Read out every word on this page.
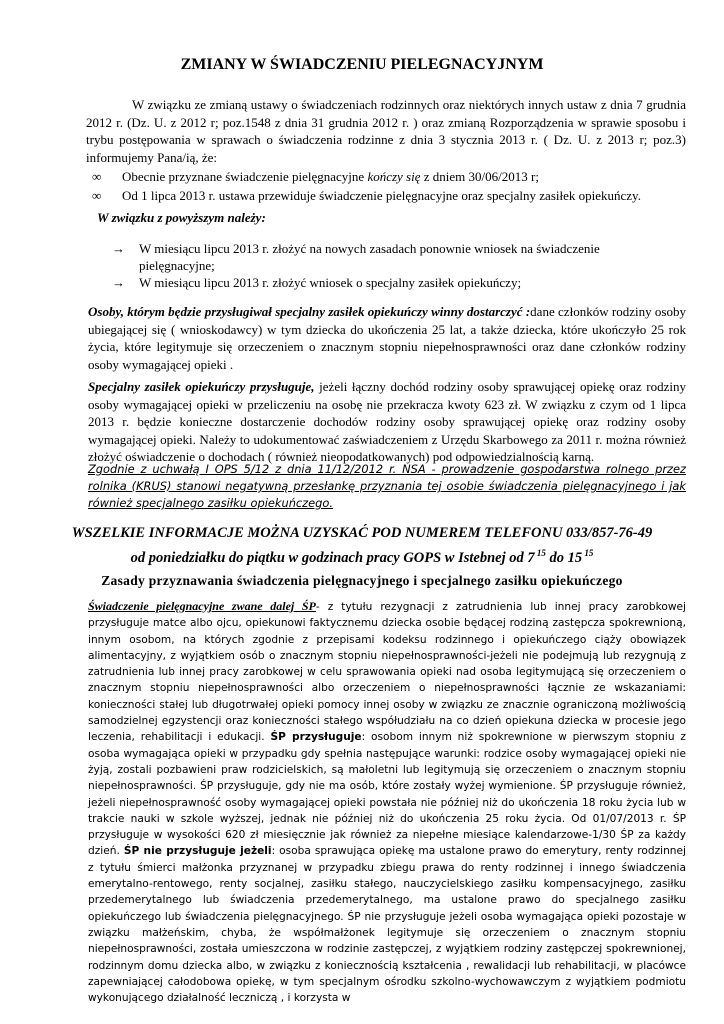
ZMIANY W ŚWIADCZENIU PIELEGNACYJNYM
W związku ze zmianą ustawy o świadczeniach rodzinnych oraz niektórych innych ustaw z dnia 7 grudnia 2012 r. (Dz. U. z 2012 r; poz.1548 z dnia 31 grudnia 2012 r. ) oraz zmianą Rozporządzenia w sprawie sposobu i trybu postępowania w sprawach o świadczenia rodzinne z dnia 3 stycznia 2013 r. ( Dz. U. z 2013 r; poz.3) informujemy Pana/ią, że:
∞ Obecnie przyznane świadczenie pielęgnacyjne kończy się z dniem 30/06/2013 r;
∞ Od 1 lipca 2013 r. ustawa przewiduje świadczenie pielęgnacyjne oraz specjalny zasiłek opiekuńczy.
W związku z powyższym należy:
→ W miesiącu lipcu 2013 r. złożyć na nowych zasadach ponownie wniosek na świadczenie pielęgnacyjne;
→ W miesiącu lipcu 2013 r. złożyć wniosek o specjalny zasiłek opiekuńczy;
Osoby, którym będzie przysługiwał specjalny zasiłek opiekuńczy winny dostarczyć :dane członków rodziny osoby ubiegającej się ( wnioskodawcy) w tym dziecka do ukończenia 25 lat, a także dziecka, które ukończyło 25 rok życia, które legitymuje się orzeczeniem o znacznym stopniu niepełnosprawności oraz dane członków rodziny osoby wymagającej opieki .
Specjalny zasiłek opiekuńczy przysługuje, jeżeli łączny dochód rodziny osoby sprawującej opiekę oraz rodziny osoby wymagającej opieki w przeliczeniu na osobę nie przekracza kwoty 623 zł. W związku z czym od 1 lipca 2013 r. będzie konieczne dostarczenie dochodów rodziny osoby sprawującej opiekę oraz rodziny osoby wymagającej opieki. Należy to udokumentować zaświadczeniem z Urzędu Skarbowego za 2011 r. można również złożyć oświadczenie o dochodach ( również nieopodatkowanych) pod odpowiedzialnością karną.
Zgodnie z uchwałą I OPS 5/12 z dnia 11/12/2012 r. NSA - prowadzenie gospodarstwa rolnego przez rolnika (KRUS) stanowi negatywną przesłankę przyznania tej osobie świadczenia pielęgnacyjnego i jak również specjalnego zasiłku opiekuńczego.
WSZELKIE INFORMACJE MOŻNA UZYSKAĆ POD NUMEREM TELEFONU 033/857-76-49
od poniedziałku do piątku w godzinach pracy GOPS w Istebnej od 7 $^{15}$ do 15 $^{15}$
Zasady przyznawania świadczenia pielęgnacyjnego i specjalnego zasiłku opiekuńczego
Świadczenie pielęgnacyjne zwane dalej ŚP- z tytułu rezygnacji z zatrudnienia lub innej pracy zarobkowej przysługuje matce albo ojcu, opiekunowi faktycznemu dziecka osobie będącej rodziną zastępcza spokrewnioną, innym osobom, na których zgodnie z przepisami kodeksu rodzinnego i opiekuńczego ciąży obowiązek alimentacyjny, z wyjątkiem osób o znacznym stopniu niepełnosprawności-jeżeli nie podejmują lub rezygnują z zatrudnienia lub innej pracy zarobkowej w celu sprawowania opieki nad osoba legitymującą się orzeczeniem o znacznym stopniu niepełnosprawności albo orzeczeniem o niepełnosprawności łącznie ze wskazaniami: konieczności stałej lub długotrwałej opieki pomocy innej osoby w związku ze znacznie ograniczoną możliwością samodzielnej egzystencji oraz konieczności stałego współudziału na co dzień opiekuna dziecka w procesie jego leczenia, rehabilitacji i edukacji. ŚP przysługuje: osobom innym niż spokrewnione w pierwszym stopniu z osoba wymagająca opieki w przypadku gdy spełnia następujące warunki: rodzice osoby wymagającej opieki nie żyją, zostali pozbawieni praw rodzicielskich, są małoletni lub legitymują się orzeczeniem o znacznym stopniu niepełnosprawności. ŚP przysługuje, gdy nie ma osób, które zostały wyżej wymienione. ŚP przysługuje również, jeżeli niepełnosprawność osoby wymagającej opieki powstała nie później niż do ukończenia 18 roku życia lub w trakcie nauki w szkole wyższej, jednak nie później niż do ukończenia 25 roku życia. Od 01/07/2013 r. ŚP przysługuje w wysokości 620 zł miesięcznie jak również za niepełne miesiące kalendarzowe-1/30 ŚP za każdy dzień. ŚP nie przysługuje jeżeli: osoba sprawująca opiekę ma ustalone prawo do emerytury, renty rodzinnej z tytułu śmierci małżonka przyznanej w przypadku zbiegu prawa do renty rodzinnej i innego świadczenia emerytalno-rentowego, renty socjalnej, zasiłku stałego, nauczycielskiego zasiłku kompensacyjnego, zasiłku przedemerytalnego lub świadczenia przedemerytalnego, ma ustalone prawo do specjalnego zasiłku opiekuńczego lub świadczenia pielęgnacyjnego. ŚP nie przysługuje jeżeli osoba wymagająca opieki pozostaje w związku małżeńskim, chyba, że współmałżonek legitymuje się orzeczeniem o znacznym stopniu niepełnosprawności, została umieszczona w rodzinie zastępczej, z wyjątkiem rodziny zastępczej spokrewnionej, rodzinnym domu dziecka albo, w związku z koniecznością kształcenia , rewalidacji lub rehabilitacji, w placówce zapewniającej całodobowa opiekę, w tym specjalnym ośrodku szkolno-wychowawczym z wyjątkiem podmiotu wykonującego działalność leczniczą , i korzysta w
